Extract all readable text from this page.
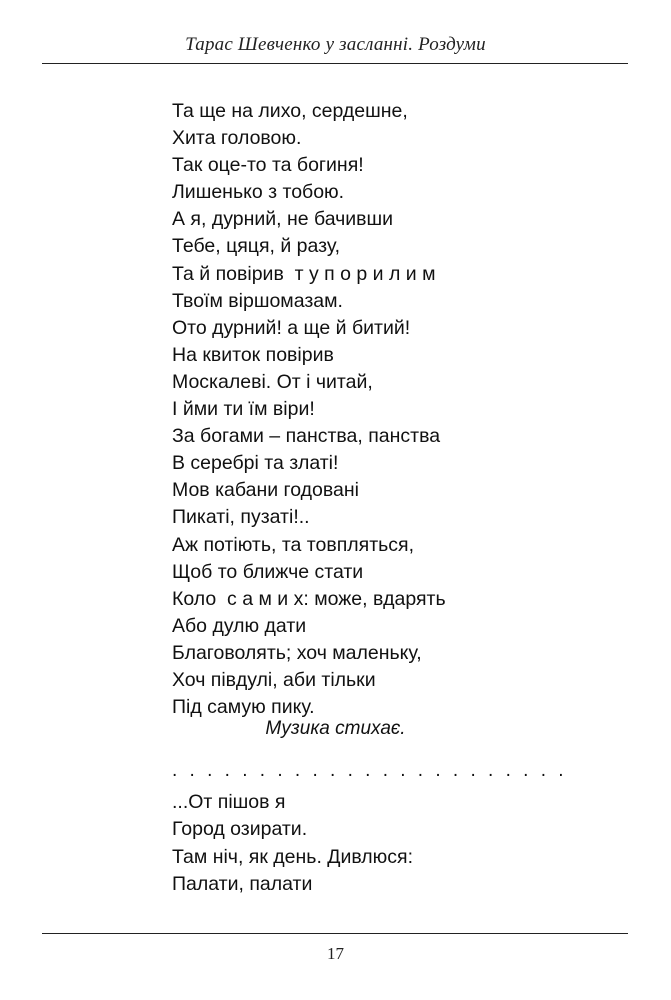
Тарас Шевченко у засланні. Роздуми
Та ще на лихо, сердешне,
Хита головою.
Так оце-то та богиня!
Лишенько з тобою.
А я, дурний, не бачивши
Тебе, цяця, й разу,
Та й повірив  т у п о р и л и м
Твоїм віршомазам.
Ото дурний! а ще й битий!
На квиток повірив
Москалеві. От і читай,
І йми ти їм віри!
За богами – панства, панства
В серебрі та златі!
Мов кабани годовані
Пикаті, пузаті!..
Аж потіють, та товпляться,
Щоб то ближче стати
Коло  с а м и х: може, вдарять
Або дулю дати
Благоволять; хоч маленьку,
Хоч півдулі, аби тільки
Під самую пику.
Музика стихає.
. . . . . . . . . . . . . . . . . . . . . . .
...От пішов я
Город озирати.
Там ніч, як день. Дивлюся:
Палати, палати
17
